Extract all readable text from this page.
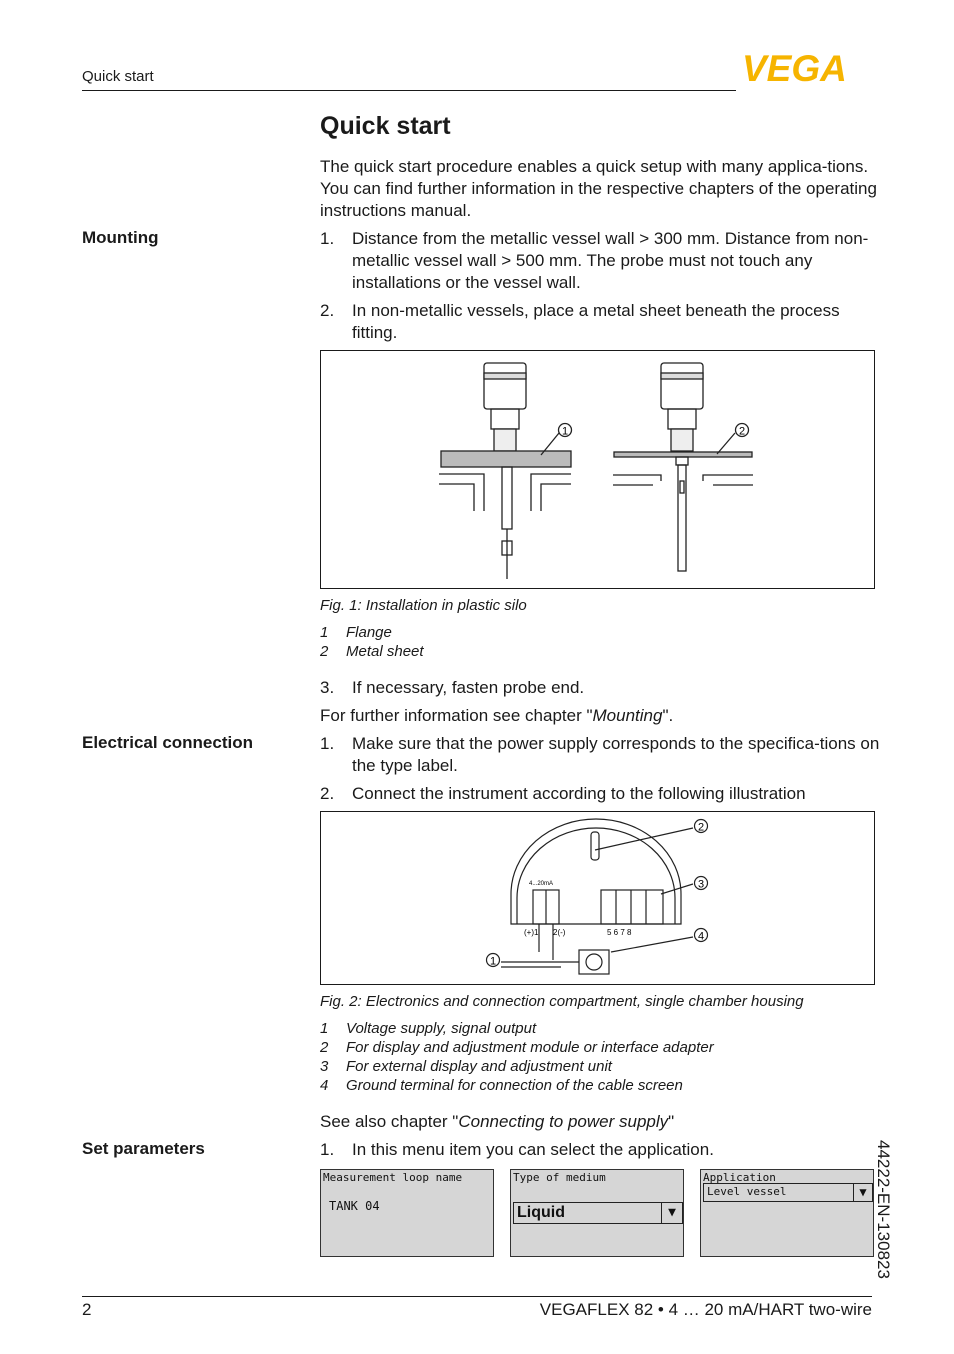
Quick start	VEGA
Quick start
The quick start procedure enables a quick setup with many applica-tions. You can find further information in the respective chapters of the operating instructions manual.
Mounting	1. Distance from the metallic vessel wall > 300 mm. Distance from non-metallic vessel wall > 500 mm. The probe must not touch any installations or the vessel wall.
2. In non-metallic vessels, place a metal sheet beneath the process fitting.
1	2
Fig. 1: Installation in plastic silo
1 Flange
2 Metal sheet
3. If necessary, fasten probe end.
For further information see chapter "Mounting".
Electrical connection	1. Make sure that the power supply corresponds to the specifica-tions on the type label.
2. Connect the instrument according to the following illustration
1
2
3
4
4...20mA
(+)1 2(-)	5 6 7 8
Fig. 2: Electronics and connection compartment, single chamber housing
1 Voltage supply, signal output
2 For display and adjustment module or interface adapter
3 For external display and adjustment unit
4 Ground terminal for connection of the cable screen
See also chapter "Connecting to power supply"
Set parameters	1. In this menu item you can select the application.
Measurement loop name
TANK 04
Type of medium
Liquid	▼
Application
Level vessel	▼ 44222-EN-130823
2	VEGAFLEX 82 • 4 … 20 mA/HART two-wire
